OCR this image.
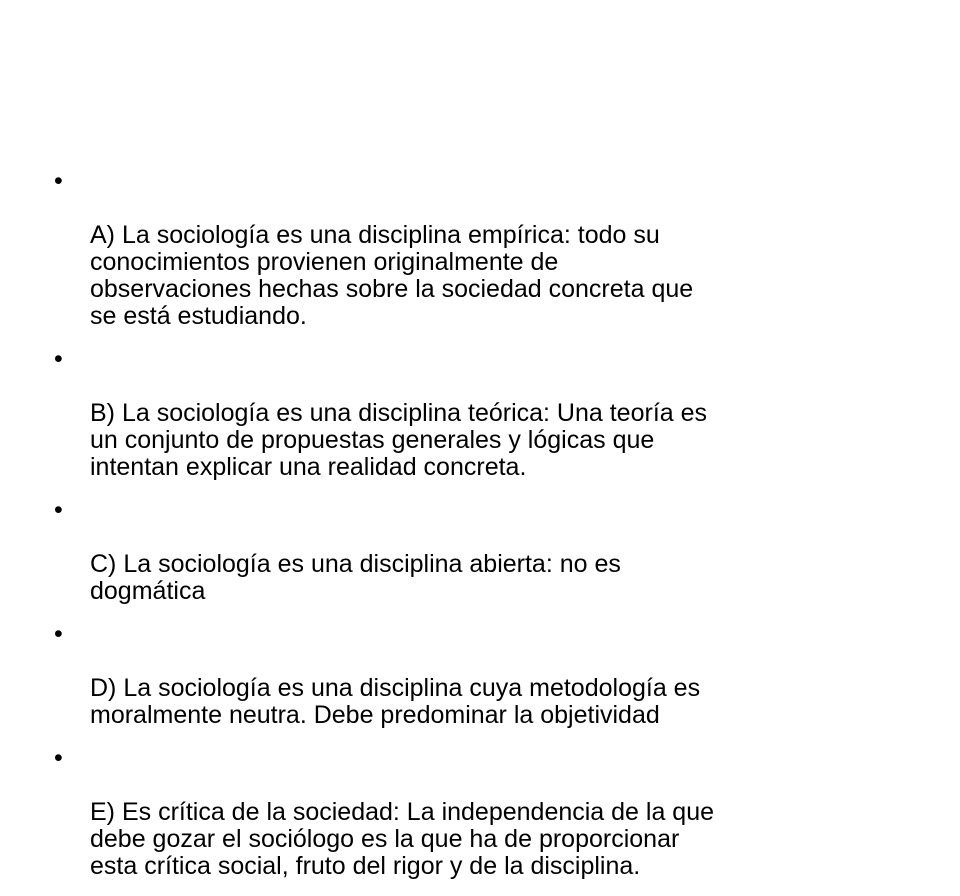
•

A) La sociología es una disciplina empírica: todo su
conocimientos provienen originalmente de
observaciones hechas sobre la sociedad concreta que
se está estudiando.

•

B) La sociología es una disciplina teórica: Una teoría es
un conjunto de propuestas generales y lógicas que
intentan explicar una realidad concreta.

•

C) La sociología es una disciplina abierta: no es
dogmática

•

D) La sociología es una disciplina cuya metodología es
moralmente neutra. Debe predominar la objetividad

•

E) Es crítica de la sociedad: La independencia de la que
debe gozar el sociólogo es la que ha de proporcionar
esta crítica social, fruto del rigor y de la disciplina.
